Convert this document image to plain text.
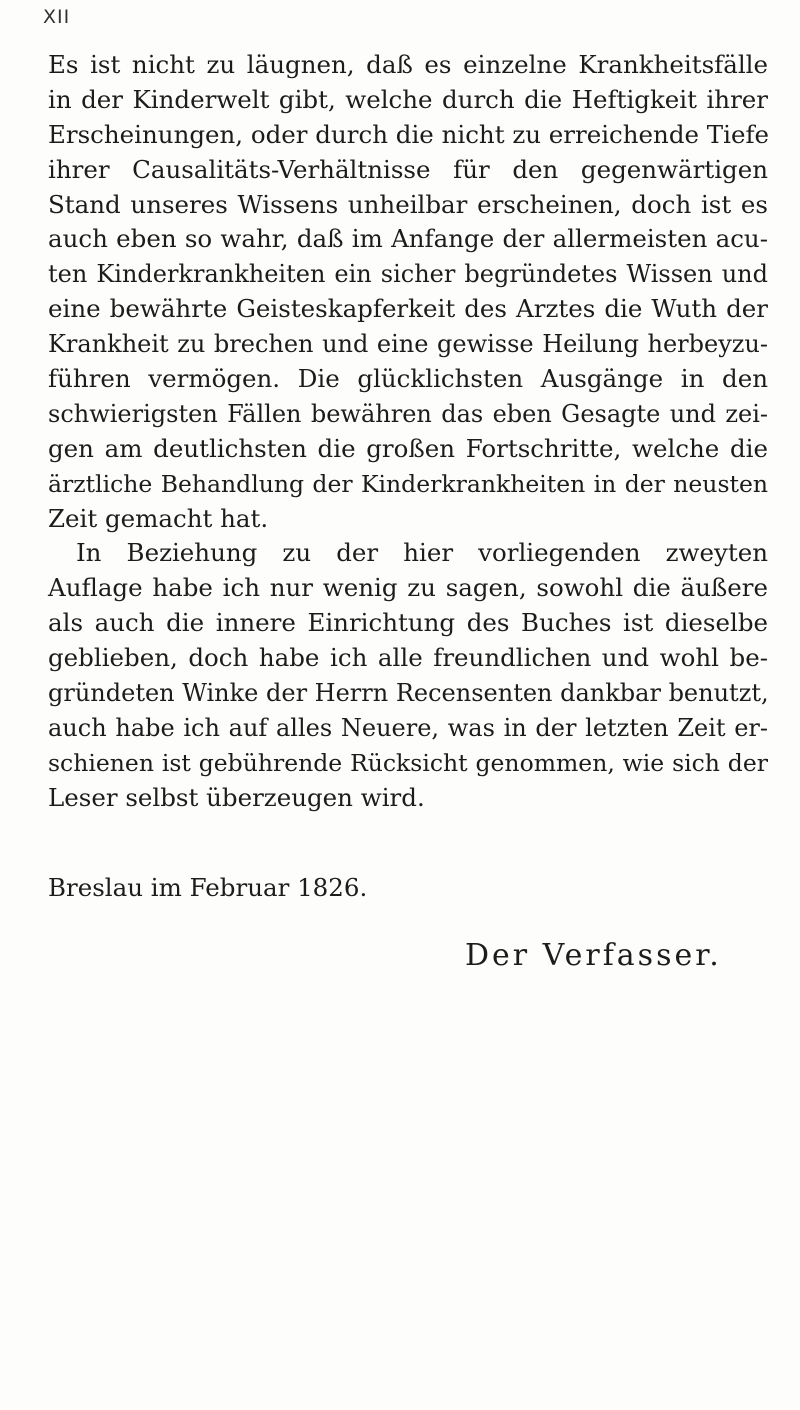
XII
Es ist nicht zu läugnen, daß es einzelne Krankheitsfälle
in der Kinderwelt gibt, welche durch die Heftigkeit ihrer
Erscheinungen, oder durch die nicht zu erreichende Tiefe
ihrer Causalitäts-Verhältnisse für den gegenwärtigen
Stand unseres Wissens unheilbar erscheinen, doch ist es
auch eben so wahr, daß im Anfange der allermeisten acu-
ten Kinderkrankheiten ein sicher begründetes Wissen und
eine bewährte Geisteskapferkeit des Arztes die Wuth der
Krankheit zu brechen und eine gewisse Heilung herbeyzu-
führen vermögen. Die glücklichsten Ausgänge in den
schwierigsten Fällen bewähren das eben Gesagte und zei-
gen am deutlichsten die großen Fortschritte, welche die
ärztliche Behandlung der Kinderkrankheiten in der neusten
Zeit gemacht hat.
In Beziehung zu der hier vorliegenden zweyten
Auflage habe ich nur wenig zu sagen, sowohl die äußere
als auch die innere Einrichtung des Buches ist dieselbe
geblieben, doch habe ich alle freundlichen und wohl be-
gründeten Winke der Herrn Recensenten dankbar benutzt,
auch habe ich auf alles Neuere, was in der letzten Zeit er-
schienen ist gebührende Rücksicht genommen, wie sich der
Leser selbst überzeugen wird.
Breslau im Februar 1826.
Der Verfasser.
